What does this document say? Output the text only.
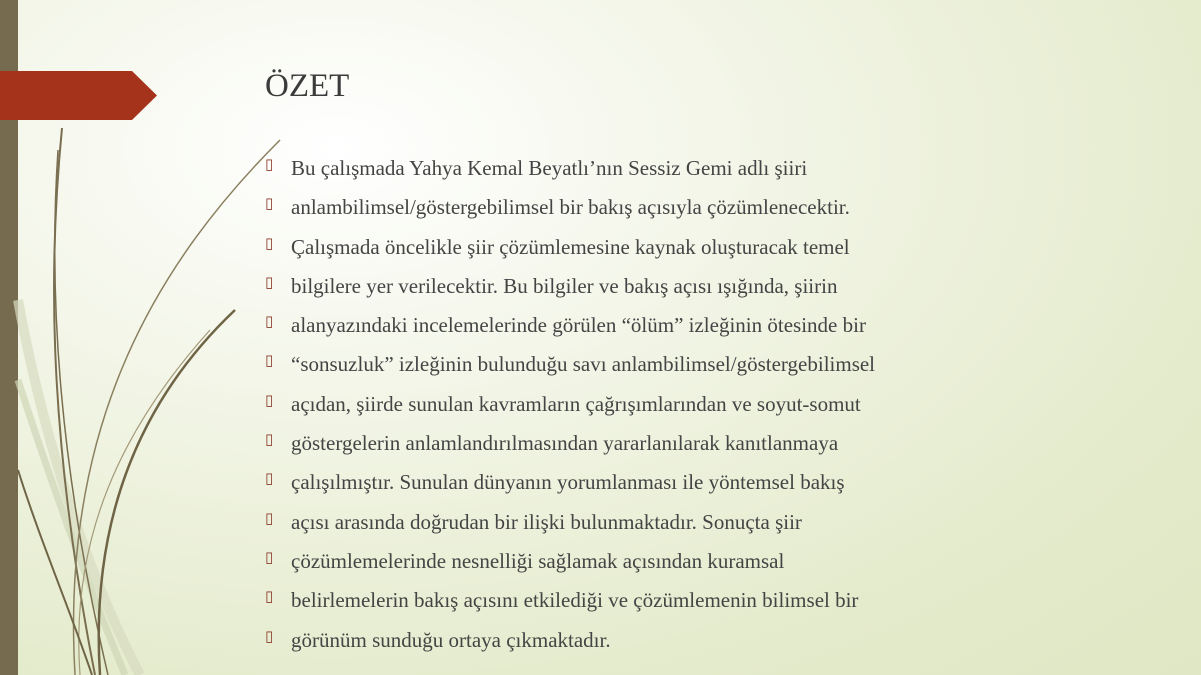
ÖZET
▯ Bu çalışmada Yahya Kemal Beyatlı’nın Sessiz Gemi adlı şiiri
▯ anlambilimsel/göstergebilimsel bir bakış açısıyla çözümlenecektir.
▯ Çalışmada öncelikle şiir çözümlemesine kaynak oluşturacak temel
▯ bilgilere yer verilecektir. Bu bilgiler ve bakış açısı ışığında, şiirin
▯ alanyazındaki incelemelerinde görülen “ölüm” izleğinin ötesinde bir
▯ “sonsuzluk” izleğinin bulunduğu savı anlambilimsel/göstergebilimsel
▯ açıdan, şiirde sunulan kavramların çağrışımlarından ve soyut-somut
▯ göstergelerin anlamlandırılmasından yararlanılarak kanıtlanmaya
▯ çalışılmıştır. Sunulan dünyanın yorumlanması ile yöntemsel bakış
▯ açısı arasında doğrudan bir ilişki bulunmaktadır. Sonuçta şiir
▯ çözümlemelerinde nesnelliği sağlamak açısından kuramsal
▯ belirlemelerin bakış açısını etkilediği ve çözümlemenin bilimsel bir
▯ görünüm sunduğu ortaya çıkmaktadır.
